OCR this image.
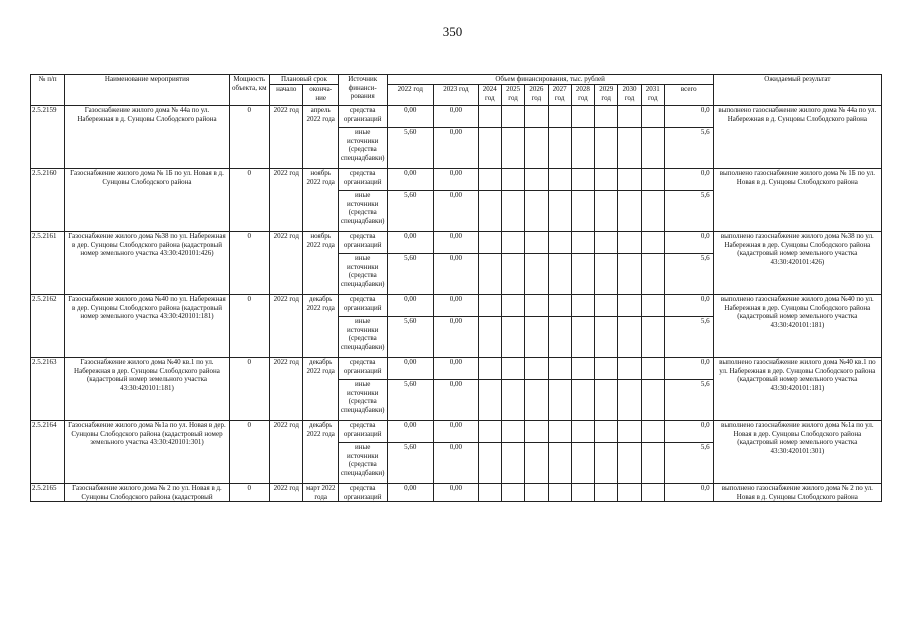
350
№ п/п	Наименование мероприятия	Мощность объекта, км	Плановый срок		Источник финанси-рования	Объем финансирования, тыс. рублей											Ожидаемый результат
			начало	оконча-ние		2022 год	2023 год	2024 год	2025 год	2026 год	2027 год	2028 год	2029 год	2030 год	2031 год	всего	
2.5.2159	Газоснабжение жилого дома № 44а по ул. Набережная в д. Сунцовы Слободского района	0	2022 год	апрель 2022 года	средства организаций	0,00	0,00									0,0	выполнено газоснабжение жилого дома № 44а по ул. Набережная в д. Сунцовы Слободского района
					иные источники (средства спецнадбавки)	5,60	0,00									5,6	
2.5.2160	Газоснабжение жилого дома № 1Б по ул. Новая в д. Сунцовы Слободского района	0	2022 год	ноябрь 2022 года	средства организаций	0,00	0,00									0,0	выполнено газоснабжение жилого дома № 1Б по ул. Новая в д. Сунцовы Слободского района
					иные источники (средства спецнадбавки)	5,60	0,00									5,6	
2.5.2161	Газоснабжение жилого дома №38 по ул. Набережная в дер. Сунцовы Слободского района (кадастровый номер земельного участка 43:30:420101:426)	0	2022 год	ноябрь 2022 года	средства организаций	0,00	0,00									0,0	выполнено газоснабжение жилого дома №38 по ул. Набережная в дер. Сунцовы Слободского района (кадастровый номер земельного участка 43:30:420101:426)
					иные источники (средства спецнадбавки)	5,60	0,00									5,6	
2.5.2162	Газоснабжение жилого дома №40 по ул. Набережная в дер. Сунцовы Слободского района (кадастровый номер земельного участка 43:30:420101:181)	0	2022 год	декабрь 2022 года	средства организаций	0,00	0,00									0,0	выполнено газоснабжение жилого дома №40 по ул. Набережная в дер. Сунцовы Слободского района (кадастровый номер земельного участка 43:30:420101:181)
					иные источники (средства спецнадбавки)	5,60	0,00									5,6	
2.5.2163	Газоснабжение жилого дома №40 кв.1 по ул. Набережная в дер. Сунцовы Слободского района (кадастровый номер земельного участка 43:30:420101:181)	0	2022 год	декабрь 2022 года	средства организаций	0,00	0,00									0,0	выполнено газоснабжение жилого дома №40 кв.1 по ул. Набережная в дер. Сунцовы Слободского района (кадастровый номер земельного участка 43:30:420101:181)
					иные источники (средства спецнадбавки)	5,60	0,00									5,6	
2.5.2164	Газоснабжение жилого дома №1а по ул. Новая в дер. Сунцовы Слободского района (кадастровый номер земельного участка 43:30:420101:301)	0	2022 год	декабрь 2022 года	средства организаций	0,00	0,00									0,0	выполнено газоснабжение жилого дома №1а по ул. Новая в дер. Сунцовы Слободского района (кадастровый номер земельного участка 43:30:420101:301)
					иные источники (средства спецнадбавки)	5,60	0,00									5,6	
2.5.2165	Газоснабжение жилого дома № 2 по ул. Новая в д. Сунцовы Слободского района (кадастровый	0	2022 год	март 2022 года	средства организаций	0,00	0,00									0,0	выполнено газоснабжение жилого дома № 2 по ул. Новая в д. Сунцовы Слободского района
